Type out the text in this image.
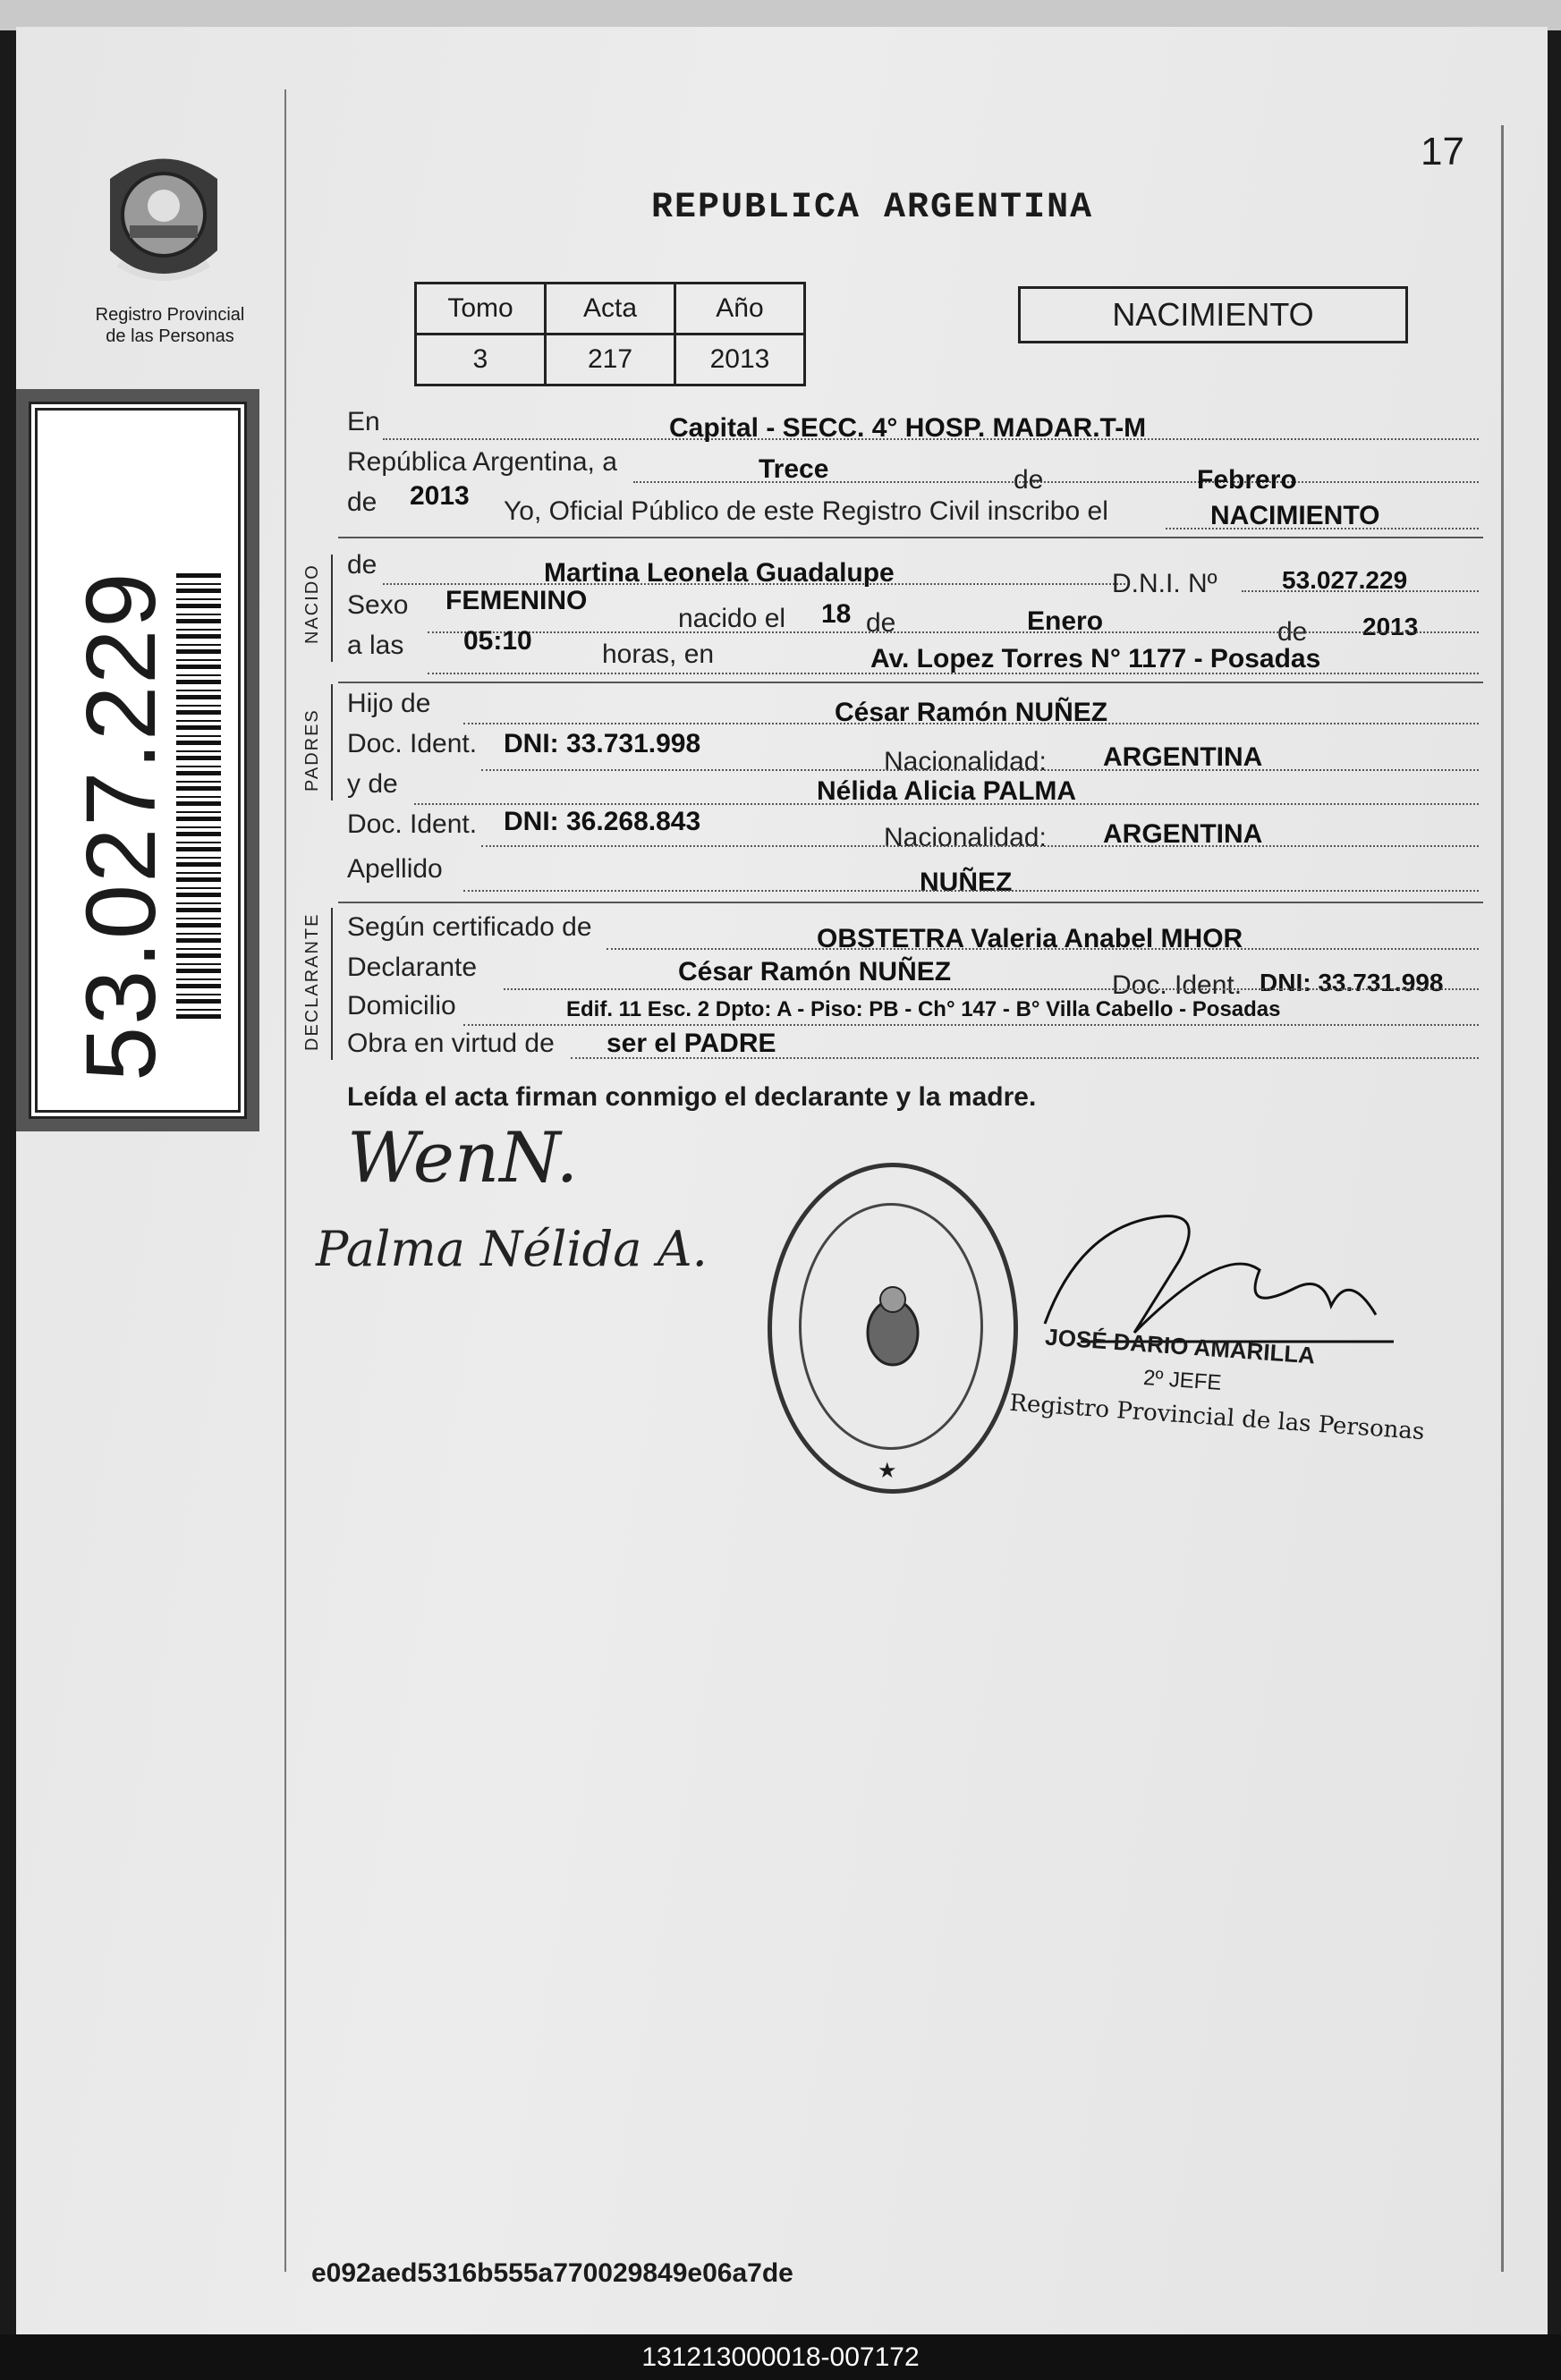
17
Registro Provincial
de las Personas
53.027.229
REPUBLICA ARGENTINA
Tomo	Acta	Año
3	217	2013
NACIMIENTO
NACIDO
PADRES
DECLARANTE
En	Capital - SECC. 4° HOSP. MADAR.T-M
República Argentina, a	Trece	de	Febrero
de 2013
Yo, Oficial Público de este Registro Civil inscribo el	NACIMIENTO
de	Martina Leonela Guadalupe	D.N.I. Nº	53.027.229
Sexo FEMENINO
nacido el 18 de	Enero	de 2013
a las 05:10	horas, en	Av. Lopez Torres N° 1177 - Posadas
Hijo de	César Ramón NUÑEZ
Doc. Ident. DNI: 33.731.998
Nacionalidad: ARGENTINA
y de	Nélida Alicia PALMA
Doc. Ident. DNI: 36.268.843
Nacionalidad: ARGENTINA
Apellido	NUÑEZ
Según certificado de	OBSTETRA Valeria Anabel MHOR
Declarante	César Ramón NUÑEZ	Doc. Ident. DNI: 33.731.998
Domicilio	Edif. 11 Esc. 2 Dpto: A - Piso: PB - Ch° 147 - B° Villa Cabello - Posadas
Obra en virtud de ser el PADRE
Leída el acta firman conmigo el declarante y la madre.
WenN.
Palma Nélida A.
★
JOSÉ DARIO AMARILLA
2º JEFE
Registro Provincial de las Personas
e092aed5316b555a770029849e06a7de
131213000018-007172
